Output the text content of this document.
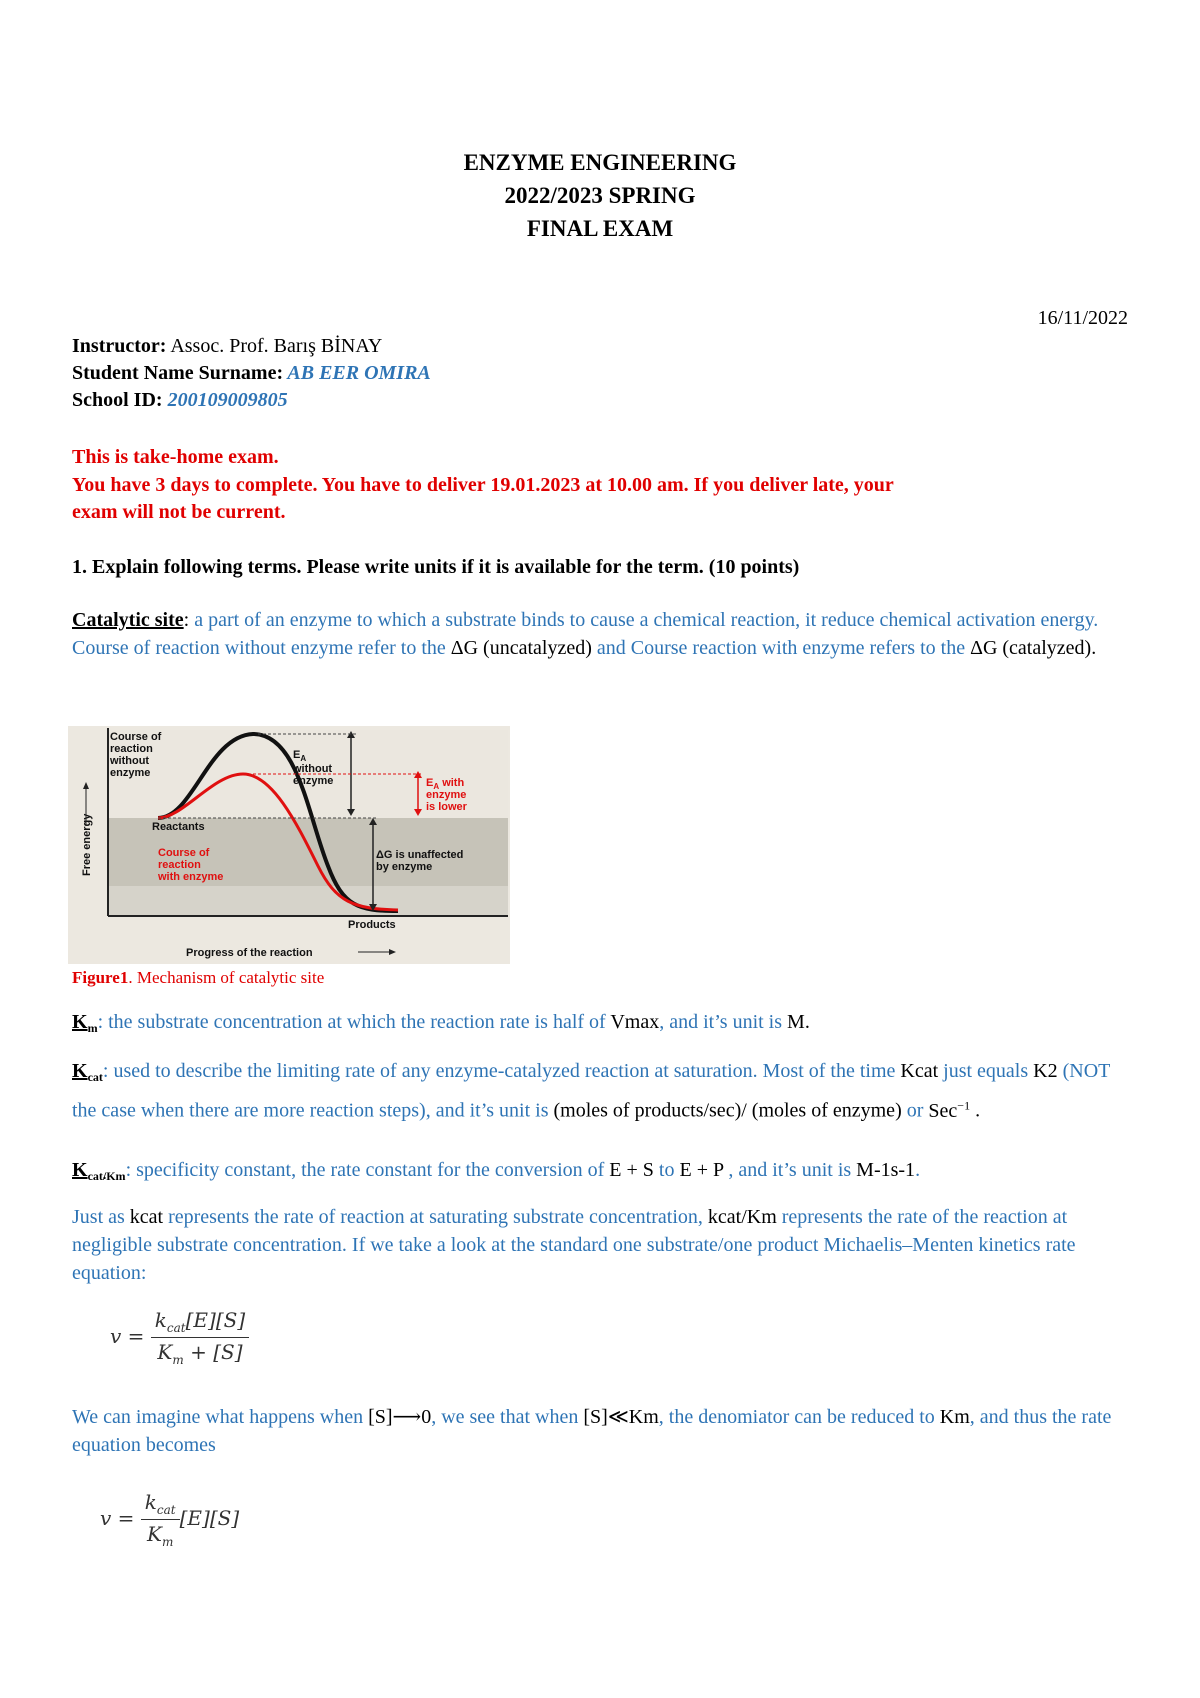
ENZYME ENGINEERING
2022/2023 SPRING
FINAL EXAM
16/11/2022
Instructor: Assoc. Prof. Barış BİNAY
Student Name Surname: AB EER OMIRA
School ID: 200109009805
This is take-home exam.
You have 3 days to complete. You have to deliver 19.01.2023 at 10.00 am. If you deliver late, your
exam will not be current.
1. Explain following terms. Please write units if it is available for the term. (10 points)
Catalytic site: a part of an enzyme to which a substrate binds to cause a chemical reaction, it reduce chemical activation energy.
Course of reaction without enzyme refer to the ΔG (uncatalyzed) and Course reaction with enzyme refers to the ΔG (catalyzed).
Course of
reaction
without
enzyme
$E_A$
without
enzyme
Reactants
ΔG is unaffected
by enzyme
Products
Progress of the reaction
Free energy
$E_A$ with
enzyme
is lower
Course of
reaction
with enzyme
Figure1. Mechanism of catalytic site
$K_m$: the substrate concentration at which the reaction rate is half of Vmax, and it’s unit is M.
$K_{cat}$: used to describe the limiting rate of any enzyme-catalyzed reaction at saturation. Most of the time Kcat just equals K2 (NOT the case when there are more reaction steps), and it’s unit is (moles of products/sec)/ (moles of enzyme) or Sec$^{-1}$ .
$K_{cat/Km}$: specificity constant, the rate constant for the conversion of E + S to E + P , and it’s unit is M-1s-1.
Just as kcat represents the rate of reaction at saturating substrate concentration, kcat/Km represents the rate of the reaction at negligible substrate concentration. If we take a look at the standard one substrate/one product Michaelis–Menten kinetics rate equation:
$v = \frac{k_{cat}[E][S]}{K_m + [S]}$
We can imagine what happens when [S]⟶0, we see that when [S]≪Km, the denomiator can be reduced to Km, and thus the rate equation becomes
$v = \frac{k_{cat}}{K_m} [E][S]$
